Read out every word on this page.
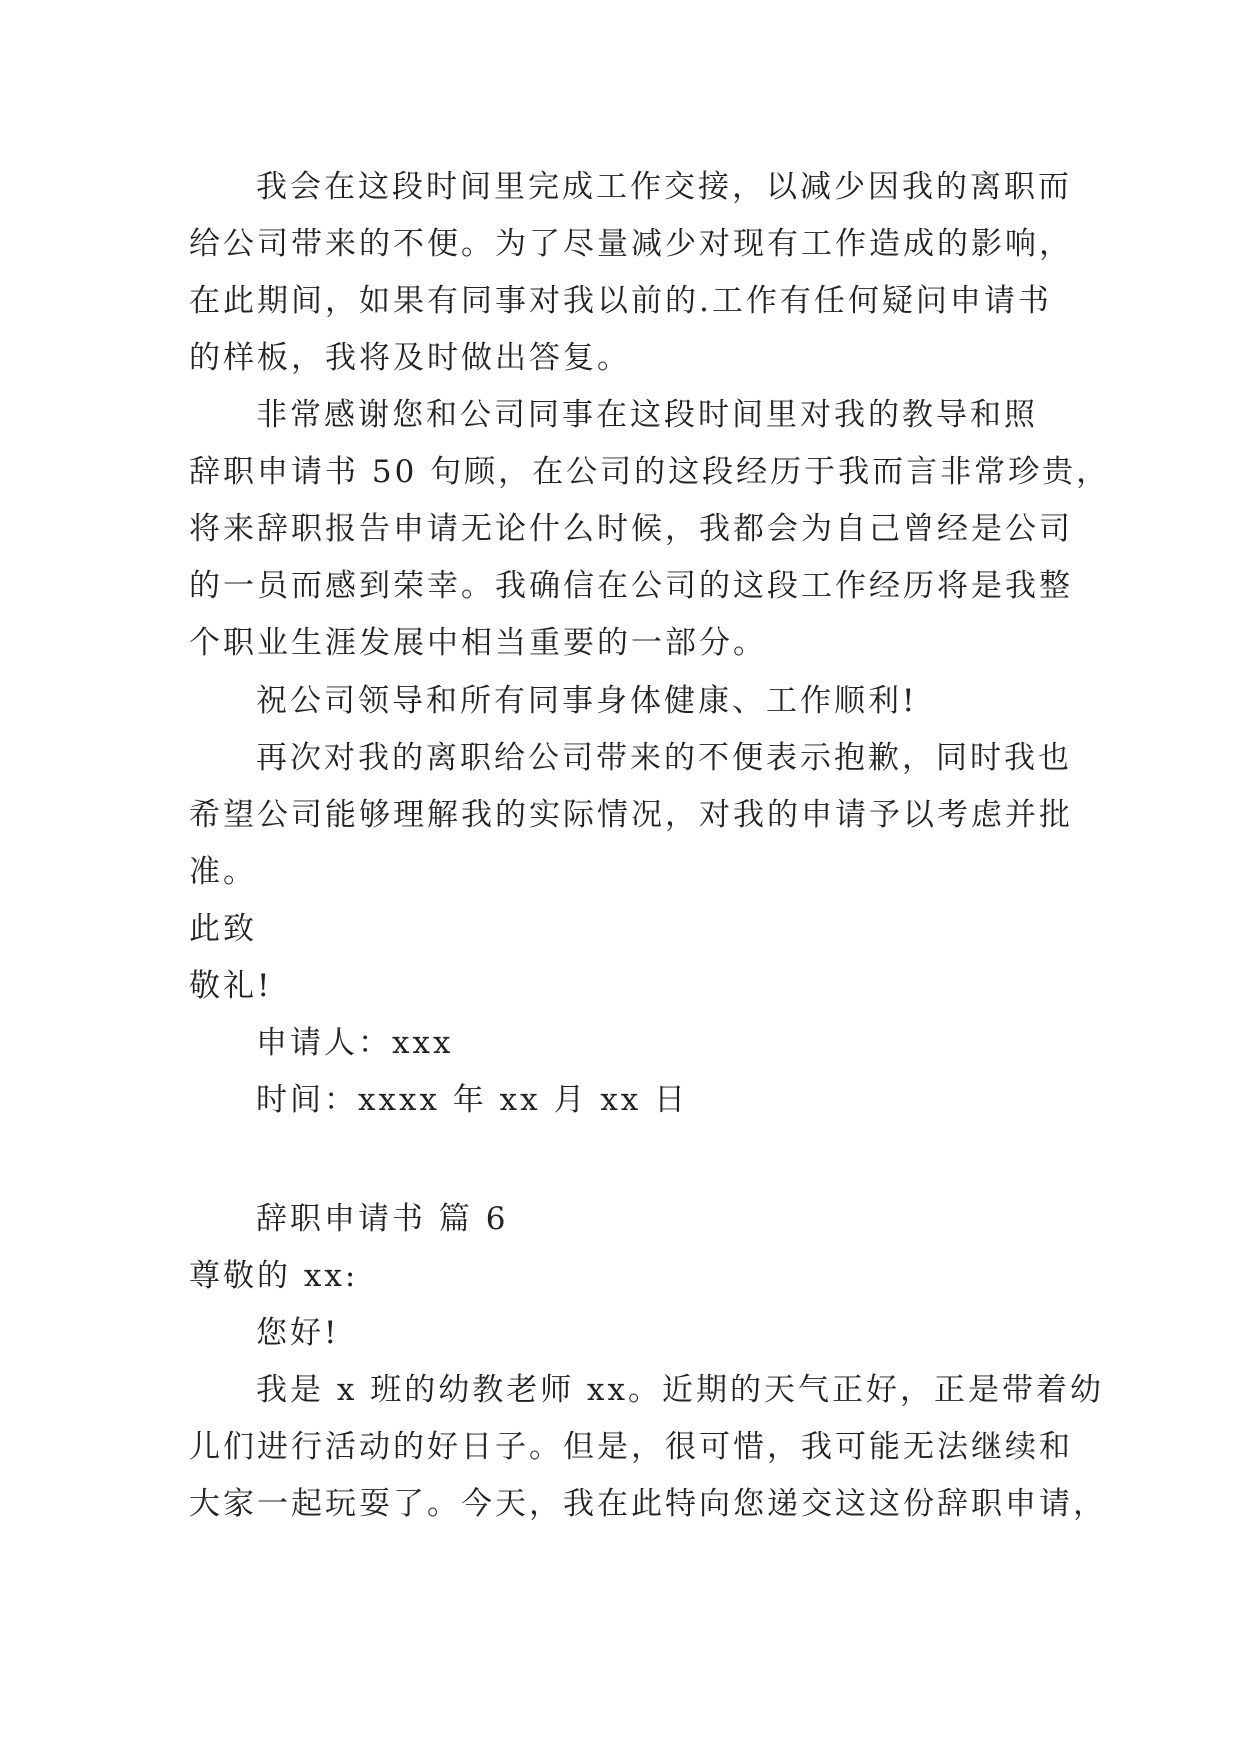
我会在这段时间里完成工作交接，以减少因我的离职而
给公司带来的不便。为了尽量减少对现有工作造成的影响，
在此期间，如果有同事对我以前的.工作有任何疑问申请书
的样板，我将及时做出答复。
非常感谢您和公司同事在这段时间里对我的教导和照
辞职申请书 50 句顾，在公司的这段经历于我而言非常珍贵，
将来辞职报告申请无论什么时候，我都会为自己曾经是公司
的一员而感到荣幸。我确信在公司的这段工作经历将是我整
个职业生涯发展中相当重要的一部分。
祝公司领导和所有同事身体健康、工作顺利!
再次对我的离职给公司带来的不便表示抱歉，同时我也
希望公司能够理解我的实际情况，对我的申请予以考虑并批
准。
此致
敬礼!
申请人：xxx
时间：xxxx 年 xx 月 xx 日
辞职申请书 篇 6
尊敬的 xx:
您好!
我是 x 班的幼教老师 xx。近期的天气正好，正是带着幼
儿们进行活动的好日子。但是，很可惜，我可能无法继续和
大家一起玩耍了。今天，我在此特向您递交这这份辞职申请，
